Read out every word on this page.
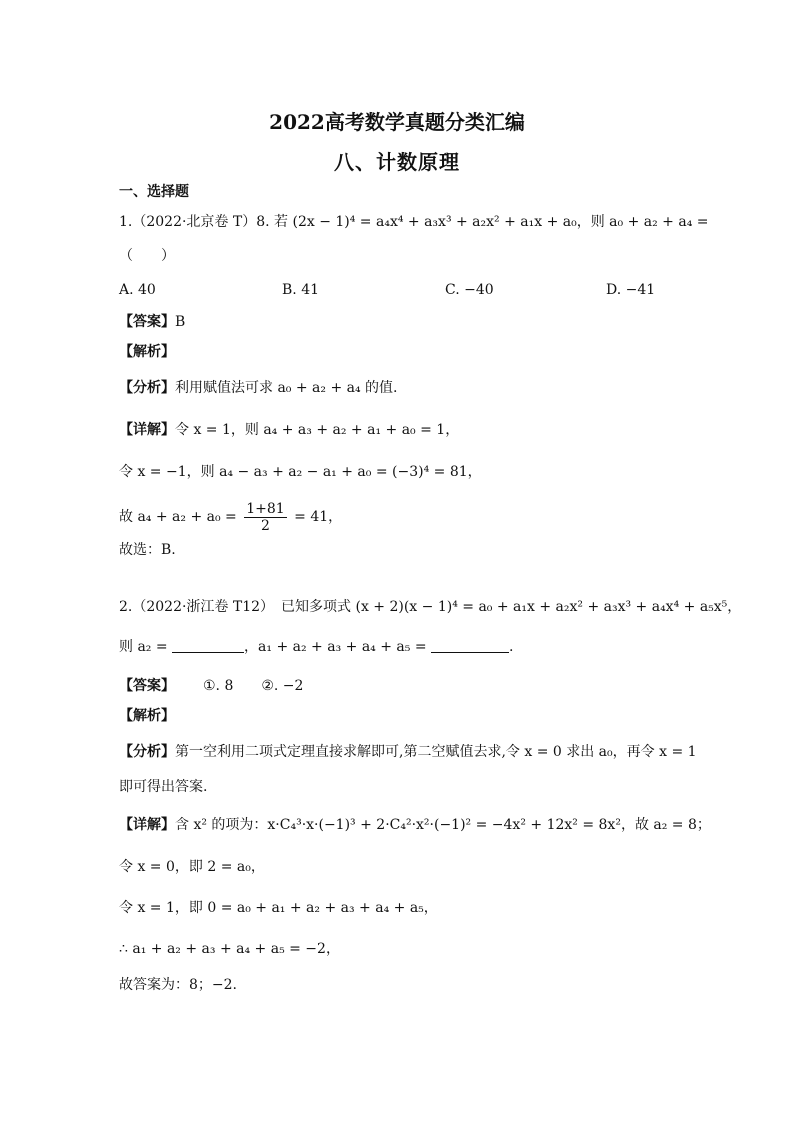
2022高考数学真题分类汇编
八、计数原理
一、选择题
1.（2022·北京卷 T）8. 若 (2x − 1)⁴ = a₄x⁴ + a₃x³ + a₂x² + a₁x + a₀，则 a₀ + a₂ + a₄ =
（　　）
A. 40	B. 41	C. −40	D. −41
【答案】B
【解析】
【分析】利用赋值法可求 a₀ + a₂ + a₄ 的值.
【详解】令 x = 1，则 a₄ + a₃ + a₂ + a₁ + a₀ = 1，
令 x = −1，则 a₄ − a₃ + a₂ − a₁ + a₀ = (−3)⁴ = 81，
故 $a_4 + a_2 + a_0 = \frac{1+81}{2} = 41$，
故选：B.
2.（2022·浙江卷 T12）　已知多项式 (x + 2)(x − 1)⁴ = a₀ + a₁x + a₂x² + a₃x³ + a₄x⁴ + a₅x⁵，
则 a₂ =	，a₁ + a₂ + a₃ + a₄ + a₅ =	.
【答案】 ①. 8　　②. −2
【解析】
【分析】第一空利用二项式定理直接求解即可,第二空赋值去求,令 x = 0 求出 a₀，再令 x = 1
即可得出答案.
【详解】含 x² 的项为：x·C₄³·x·(−1)³ + 2·C₄²·x²·(−1)² = −4x² + 12x² = 8x²，故 a₂ = 8；
令 x = 0，即 2 = a₀，
令 x = 1，即 0 = a₀ + a₁ + a₂ + a₃ + a₄ + a₅，
∴ a₁ + a₂ + a₃ + a₄ + a₅ = −2，
故答案为：8；−2.
